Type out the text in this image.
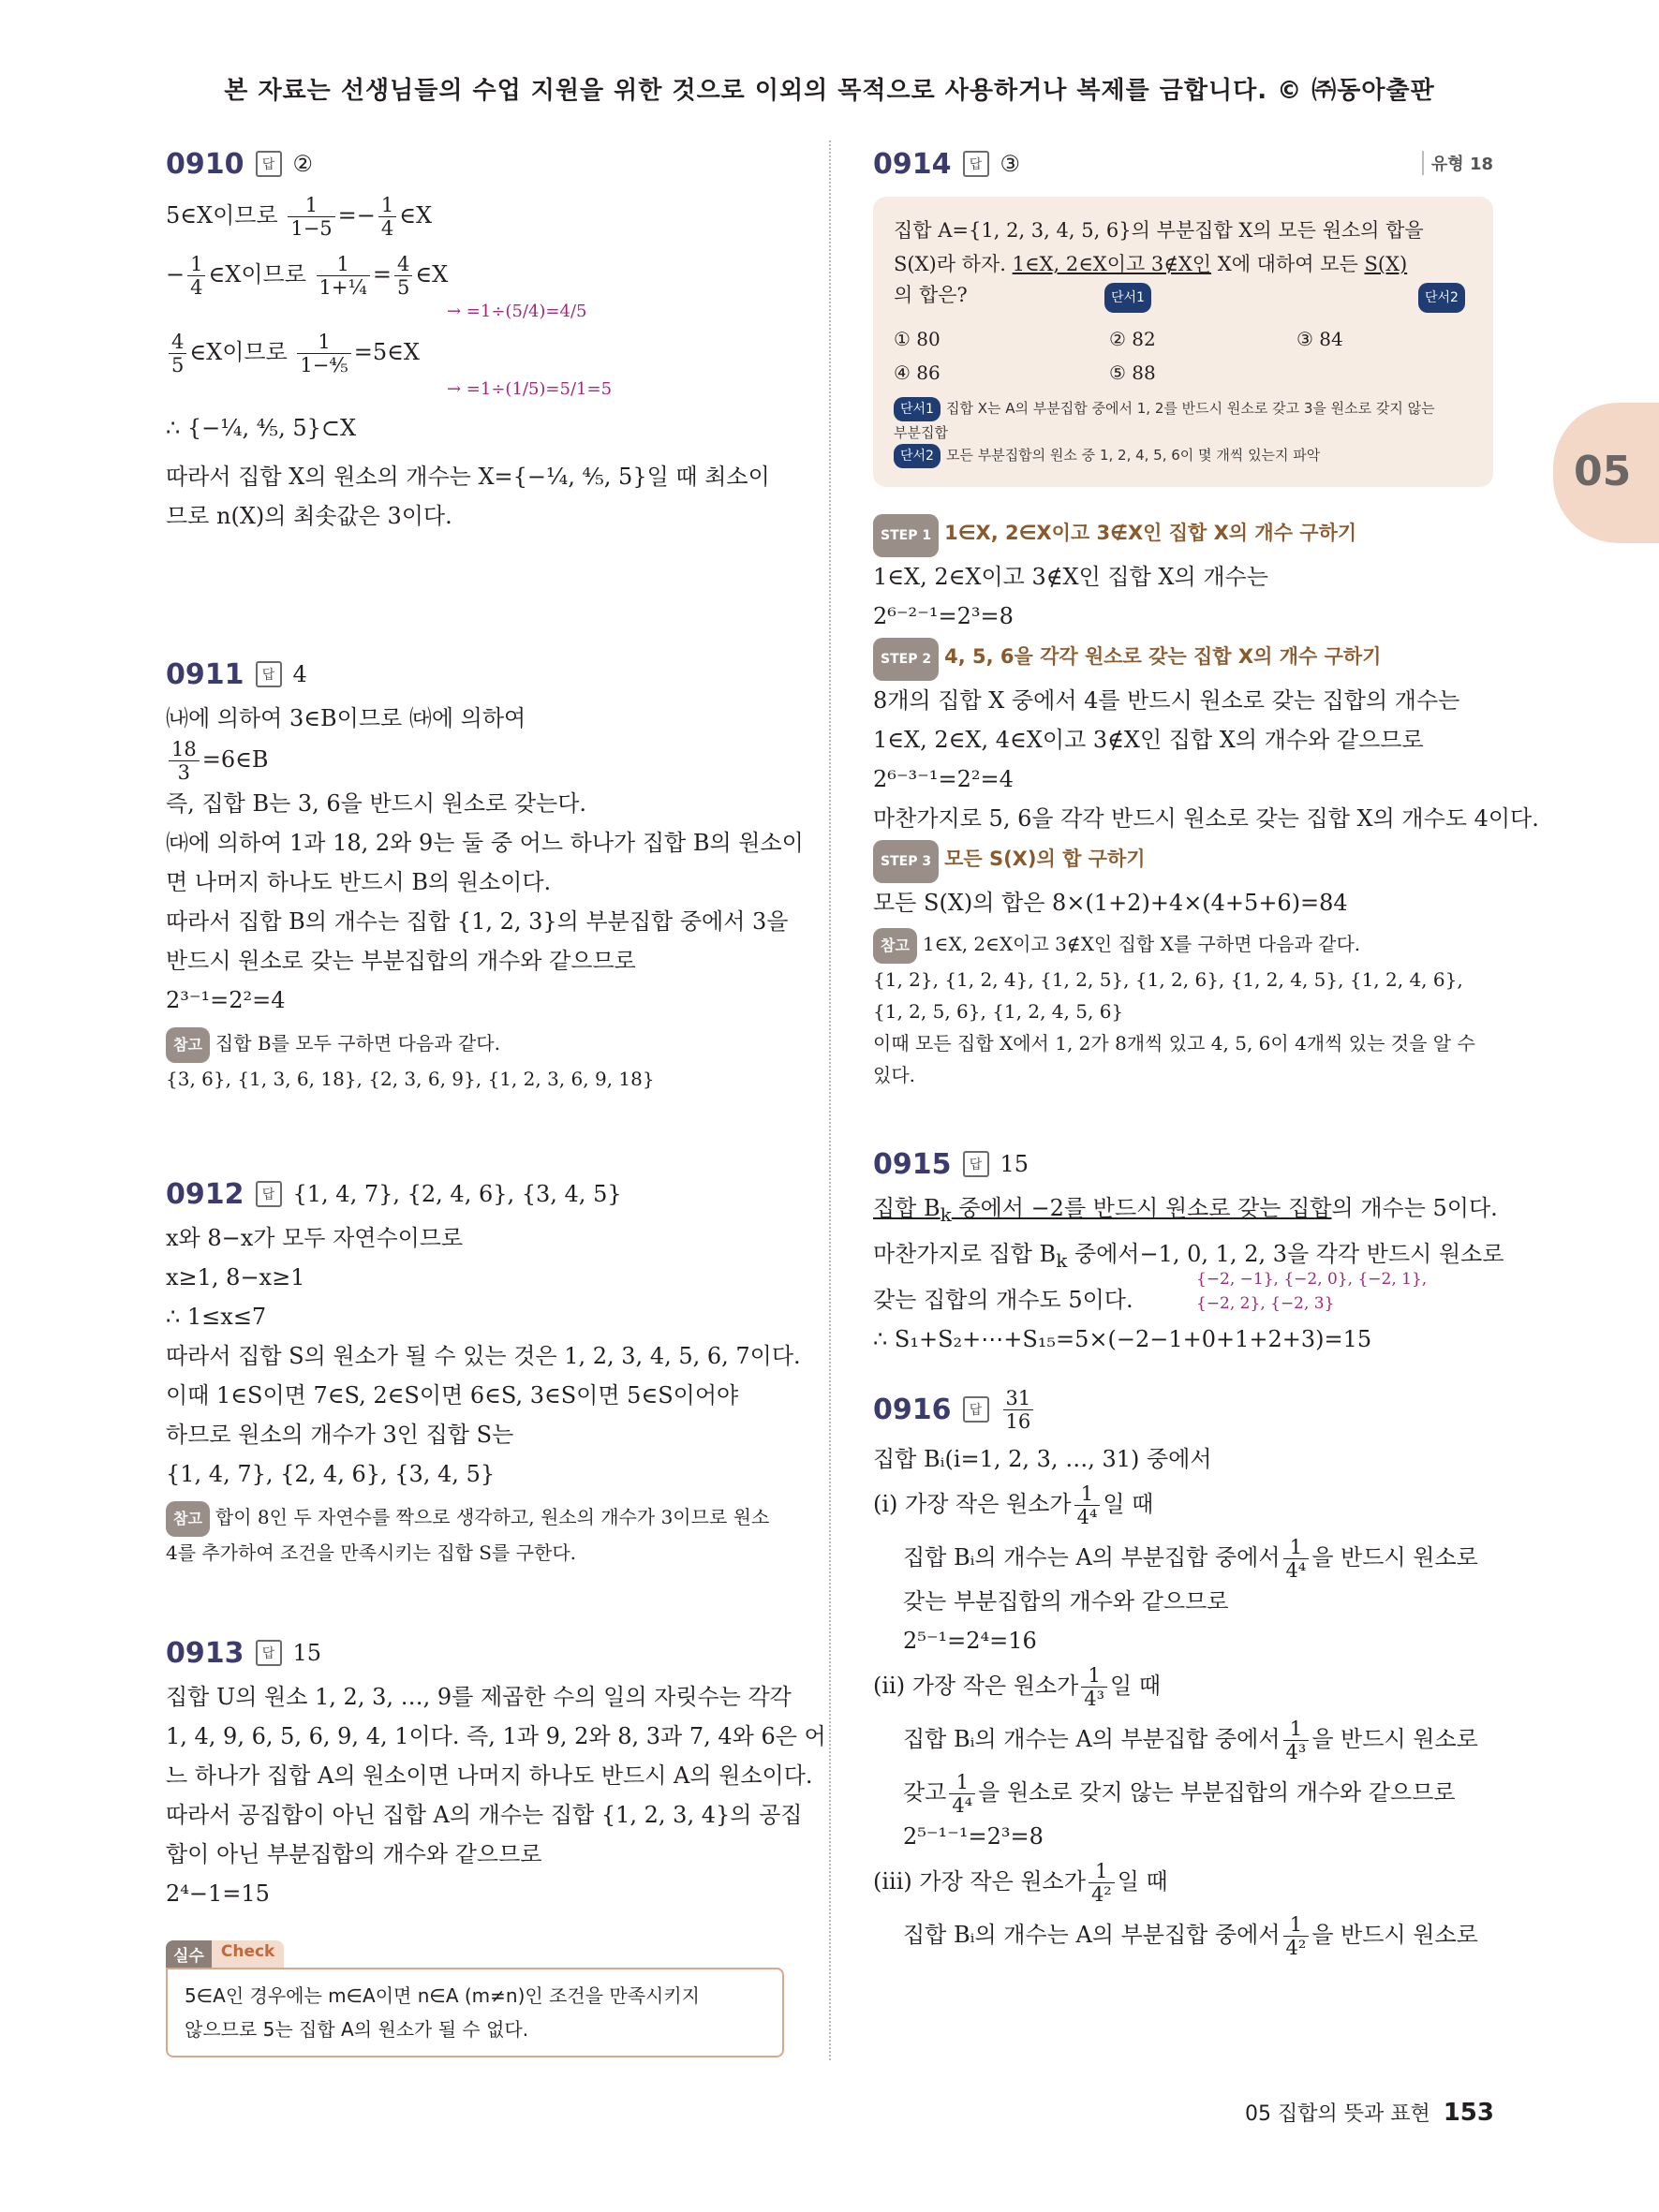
본 자료는 선생님들의 수업 지원을 위한 것으로 이외의 목적으로 사용하거나 복제를 금합니다. © ㈜동아출판
05
0910	답 ②
5∈X이므로 $\frac{1}{1-5} =- \frac{1}{4}$ ∈X
− $\frac{1}{4}$ ∈X이므로 $\frac{1}{\text{1+¼}} = \frac{4}{5}$ ∈X
→ =1÷(5/4)=4/5
$\frac{4}{5}$ ∈X이므로 $\frac{1}{\text{1−⅘}}$ =5∈X
→ =1÷(1/5)=5/1=5
∴ {−¼, ⅘, 5}⊂X
따라서 집합 X의 원소의 개수는 X={−¼, ⅘, 5}일 때 최소이
므로 n(X)의 최솟값은 3이다.
0911	답 4
㈏에 의하여 3∈B이므로 ㈐에 의하여
$\frac{18}{3}$ =6∈B
즉, 집합 B는 3, 6을 반드시 원소로 갖는다.
㈐에 의하여 1과 18, 2와 9는 둘 중 어느 하나가 집합 B의 원소이
면 나머지 하나도 반드시 B의 원소이다.
따라서 집합 B의 개수는 집합 {1, 2, 3}의 부분집합 중에서 3을
반드시 원소로 갖는 부분집합의 개수와 같으므로
2³⁻¹=2²=4
참고 집합 B를 모두 구하면 다음과 같다.
{3, 6}, {1, 3, 6, 18}, {2, 3, 6, 9}, {1, 2, 3, 6, 9, 18}
0912	답 {1, 4, 7}, {2, 4, 6}, {3, 4, 5}
x와 8−x가 모두 자연수이므로
x≥1, 8−x≥1
∴ 1≤x≤7
따라서 집합 S의 원소가 될 수 있는 것은 1, 2, 3, 4, 5, 6, 7이다.
이때 1∈S이면 7∈S, 2∈S이면 6∈S, 3∈S이면 5∈S이어야
하므로 원소의 개수가 3인 집합 S는
{1, 4, 7}, {2, 4, 6}, {3, 4, 5}
참고 합이 8인 두 자연수를 짝으로 생각하고, 원소의 개수가 3이므로 원소
4를 추가하여 조건을 만족시키는 집합 S를 구한다.
0913	답 15
집합 U의 원소 1, 2, 3, …, 9를 제곱한 수의 일의 자릿수는 각각
1, 4, 9, 6, 5, 6, 9, 4, 1이다. 즉, 1과 9, 2와 8, 3과 7, 4와 6은 어
느 하나가 집합 A의 원소이면 나머지 하나도 반드시 A의 원소이다.
따라서 공집합이 아닌 집합 A의 개수는 집합 {1, 2, 3, 4}의 공집
합이 아닌 부분집합의 개수와 같으므로
2⁴−1=15
실수	Check
5∈A인 경우에는 m∈A이면 n∈A (m≠n)인 조건을 만족시키지
않으므로 5는 집합 A의 원소가 될 수 없다.
0914	답 ③	유형 18
집합 A={1, 2, 3, 4, 5, 6}의 부분집합 X의 모든 원소의 합을
S(X)라 하자. 1∈X, 2∈X이고 3∉X인 X에 대하여 모든 S(X)
의 합은?	단서1	단서2
① 80	② 82	③ 84
④ 86	⑤ 88
단서1 집합 X는 A의 부분집합 중에서 1, 2를 반드시 원소로 갖고 3을 원소로 갖지 않는
부분집합
단서2 모든 부분집합의 원소 중 1, 2, 4, 5, 6이 몇 개씩 있는지 파악
STEP 1 1∈X, 2∈X이고 3∉X인 집합 X의 개수 구하기
1∈X, 2∈X이고 3∉X인 집합 X의 개수는
2⁶⁻²⁻¹=2³=8
STEP 2 4, 5, 6을 각각 원소로 갖는 집합 X의 개수 구하기
8개의 집합 X 중에서 4를 반드시 원소로 갖는 집합의 개수는
1∈X, 2∈X, 4∈X이고 3∉X인 집합 X의 개수와 같으므로
2⁶⁻³⁻¹=2²=4
마찬가지로 5, 6을 각각 반드시 원소로 갖는 집합 X의 개수도 4이다.
STEP 3 모든 S(X)의 합 구하기
모든 S(X)의 합은 8×(1+2)+4×(4+5+6)=84
참고 1∈X, 2∈X이고 3∉X인 집합 X를 구하면 다음과 같다.
{1, 2}, {1, 2, 4}, {1, 2, 5}, {1, 2, 6}, {1, 2, 4, 5}, {1, 2, 4, 6},
{1, 2, 5, 6}, {1, 2, 4, 5, 6}
이때 모든 집합 X에서 1, 2가 8개씩 있고 4, 5, 6이 4개씩 있는 것을 알 수
있다.
0915	답 15
집합 $B_k$ 중에서 −2를 반드시 원소로 갖는 집합의 개수는 5이다.
마찬가지로 집합 $B_k$ 중에서−1, 0, 1, 2, 3을 각각 반드시 원소로
갖는 집합의 개수도 5이다.
{−2, −1}, {−2, 0}, {−2, 1},
{−2, 2}, {−2, 3}
∴ S₁+S₂+⋯+S₁₅=5×(−2−1+0+1+2+3)=15
0916	답	$\frac{31}{16}$
집합 Bᵢ(i=1, 2, 3, …, 31) 중에서
(i) 가장 작은 원소가 $\frac{1}{\text{4⁴}}$ 일 때
집합 Bᵢ의 개수는 A의 부분집합 중에서 $\frac{1}{\text{4⁴}}$ 을 반드시 원소로
갖는 부분집합의 개수와 같으므로
2⁵⁻¹=2⁴=16
(ii) 가장 작은 원소가 $\frac{1}{\text{4³}}$ 일 때
집합 Bᵢ의 개수는 A의 부분집합 중에서 $\frac{1}{\text{4³}}$ 을 반드시 원소로
갖고 $\frac{1}{\text{4⁴}}$ 을 원소로 갖지 않는 부분집합의 개수와 같으므로
2⁵⁻¹⁻¹=2³=8
(iii) 가장 작은 원소가 $\frac{1}{\text{4²}}$ 일 때
집합 Bᵢ의 개수는 A의 부분집합 중에서 $\frac{1}{\text{4²}}$ 을 반드시 원소로
05 집합의 뜻과 표현 153
